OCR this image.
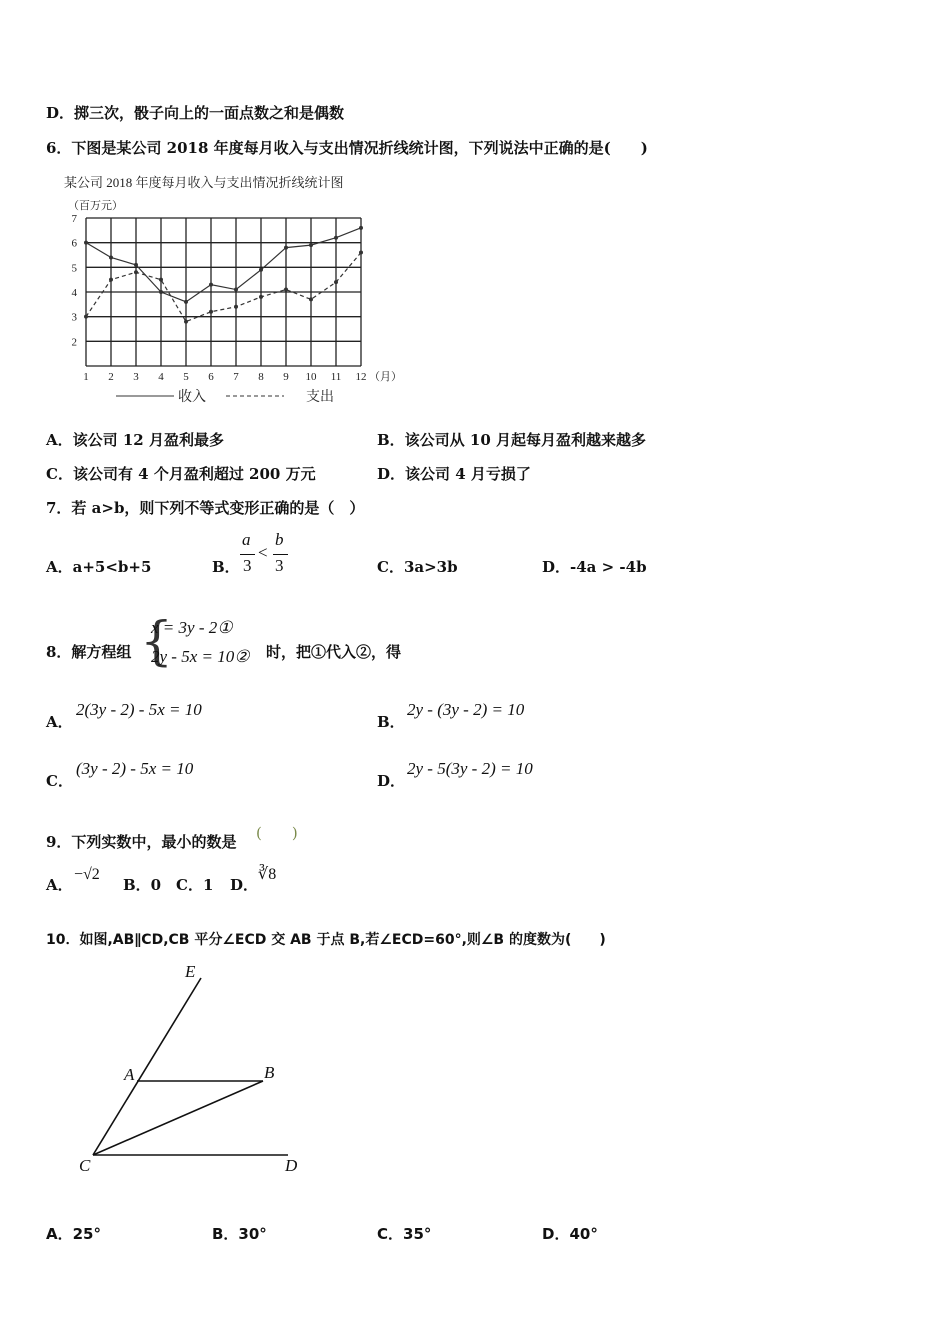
D．掷三次，骰子向上的一面点数之和是偶数
6．下图是某公司 2018 年度每月收入与支出情况折线统计图，下列说法中正确的是(　　)
某公司 2018 年度每月收入与支出情况折线统计图
（百万元）
2
3
4
5
6
7
1 2 3 4 5 6 7 8 9 10 11 12 （月）
收入	支出
A．该公司 12 月盈利最多	B．该公司从 10 月起每月盈利越来越多
C．该公司有 4 个月盈利超过 200 万元	D．该公司 4 月亏损了
7．若 a>b，则下列不等式变形正确的是（　）
A．a+5<b+5	B．
a
3
<
b
3	C．3a>3b	D．-4a > -4b
8．解方程组 {
x = 3y - 2①
2y - 5x = 10② 时，把①代入②，得
A．
2(3y - 2) - 5x = 10
B．
2y - (3y - 2) = 10
C．
(3y - 2) - 5x = 10
D．
2y - 5(3y - 2) = 10
9．下列实数中，最小的数是 (　　)
A．
−√2
B．0 C．1 D．
∛8
10．如图,AB∥CD,CB 平分∠ECD 交 AB 于点 B,若∠ECD=60°,则∠B 的度数为(　　)
E
A	B
C	D
A．25°	B．30°	C．35°	D．40°
